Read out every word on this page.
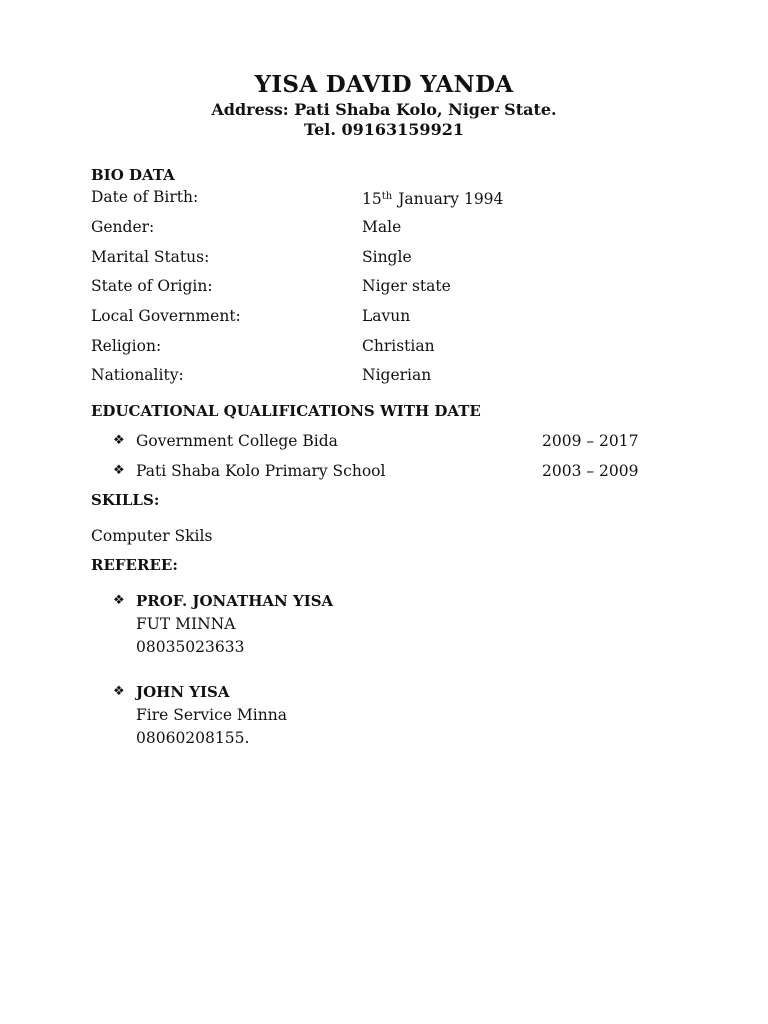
YISA DAVID YANDA

Address: Pati Shaba Kolo, Niger State.

Tel. 09163159921

BIO DATA
Date of Birth:	15th January 1994
Gender:	Male
Marital Status:	Single
State of Origin:	Niger state
Local Government:	Lavun
Religion:	Christian
Nationality:	Nigerian
EDUCATIONAL QUALIFICATIONS WITH DATE
❖ Government College Bida	2009 – 2017
❖ Pati Shaba Kolo Primary School	2003 – 2009
SKILLS:
Computer Skils
REFEREE:
❖ PROF. JONATHAN YISA
FUT MINNA
08035023633
❖ JOHN YISA
Fire Service Minna
08060208155.
